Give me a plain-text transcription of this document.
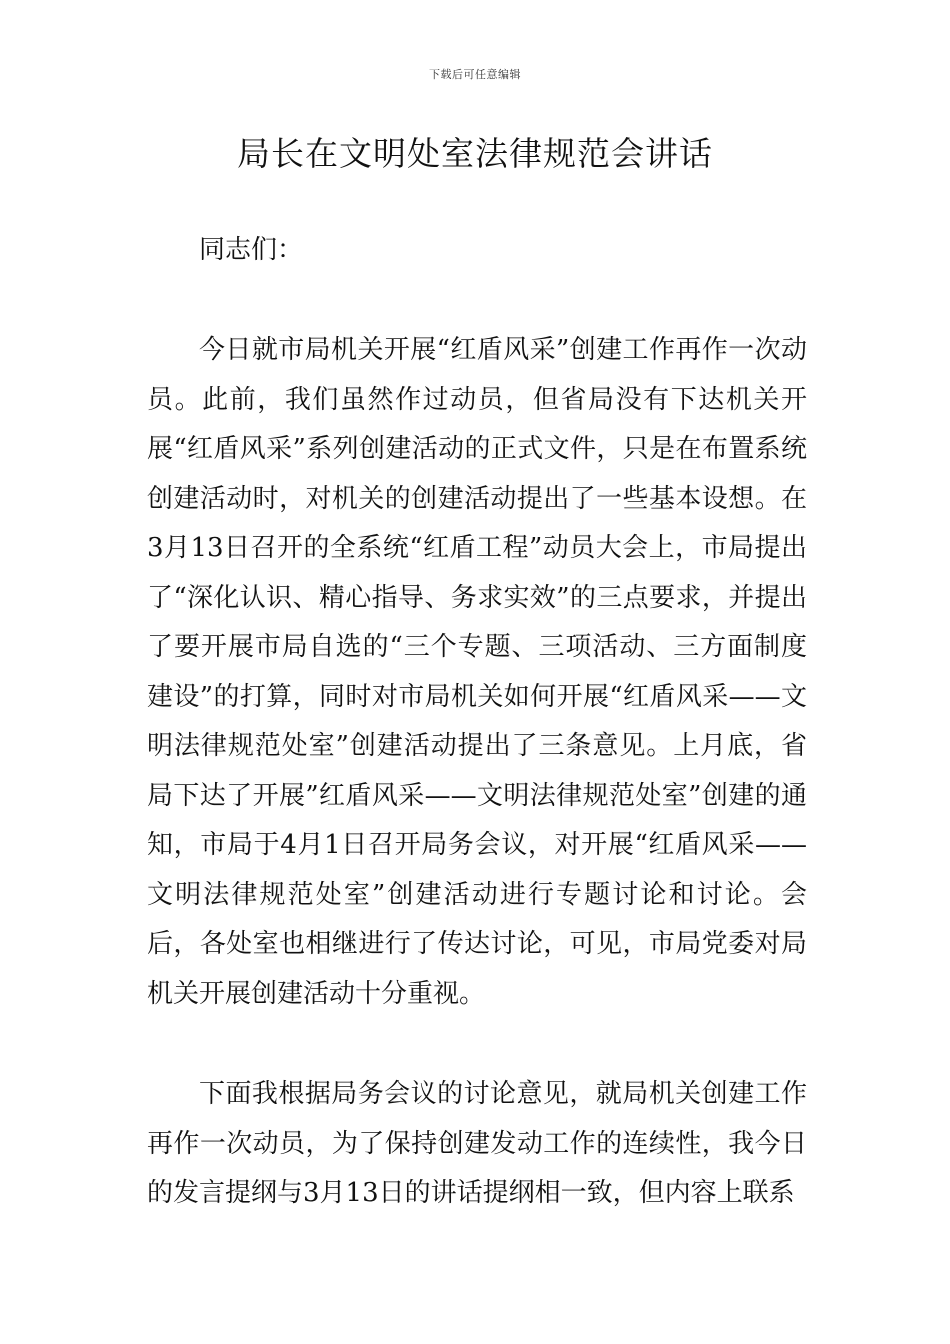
下载后可任意编辑
局长在文明处室法律规范会讲话

同志们：

今日就市局机关开展“红盾风采”创建工作再作一次动员。此前，我们虽然作过动员，但省局没有下达机关开展“红盾风采”系列创建活动的正式文件，只是在布置系统创建活动时，对机关的创建活动提出了一些基本设想。在3月13日召开的全系统“红盾工程”动员大会上，市局提出了“深化认识、精心指导、务求实效”的三点要求，并提出了要开展市局自选的“三个专题、三项活动、三方面制度建设”的打算，同时对市局机关如何开展“红盾风采——文明法律规范处室”创建活动提出了三条意见。上月底，省局下达了开展”红盾风采——文明法律规范处室”创建的通知，市局于4月1日召开局务会议，对开展“红盾风采——文明法律规范处室”创建活动进行专题讨论和讨论。会后，各处室也相继进行了传达讨论，可见，市局党委对局机关开展创建活动十分重视。

下面我根据局务会议的讨论意见，就局机关创建工作再作一次动员，为了保持创建发动工作的连续性，我今日的发言提纲与3月13日的讲话提纲相一致，但内容上联系
